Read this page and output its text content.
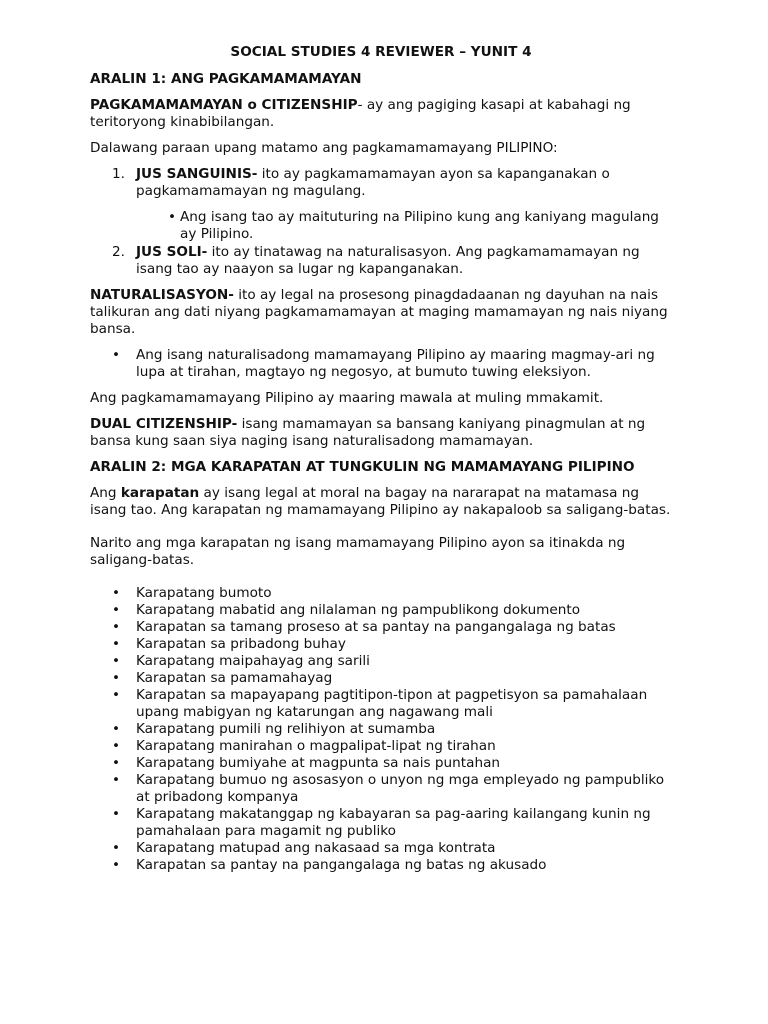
SOCIAL STUDIES 4 REVIEWER – YUNIT 4
ARALIN 1: ANG PAGKAMAMAMAYAN
PAGKAMAMAMAYAN o CITIZENSHIP- ay ang pagiging kasapi at kabahagi ng teritoryong kinabibilangan.
Dalawang paraan upang matamo ang pagkamamamayang PILIPINO:
1. JUS SANGUINIS- ito ay pagkamamamayan ayon sa kapanganakan o pagkamamamayan ng magulang.
• Ang isang tao ay maituturing na Pilipino kung ang kaniyang magulang ay Pilipino.
2. JUS SOLI- ito ay tinatawag na naturalisasyon. Ang pagkamamamayan ng isang tao ay naayon sa lugar ng kapanganakan.
NATURALISASYON- ito ay legal na prosesong pinagdadaanan ng dayuhan na nais talikuran ang dati niyang pagkamamamayan at maging mamamayan ng nais niyang bansa.
• Ang isang naturalisadong mamamayang Pilipino ay maaring magmay-ari ng lupa at tirahan, magtayo ng negosyo, at bumuto tuwing eleksiyon.
Ang pagkamamamayang Pilipino ay maaring mawala at muling mmakamit.
DUAL CITIZENSHIP- isang mamamayan sa bansang kaniyang pinagmulan at ng bansa kung saan siya naging isang naturalisadong mamamayan.
ARALIN 2: MGA KARAPATAN AT TUNGKULIN NG MAMAMAYANG PILIPINO
Ang karapatan ay isang legal at moral na bagay na nararapat na matamasa ng isang tao. Ang karapatan ng mamamayang Pilipino ay nakapaloob sa saligang-batas.
Narito ang mga karapatan ng isang mamamayang Pilipino ayon sa itinakda ng saligang-batas.
• Karapatang bumoto
• Karapatang mabatid ang nilalaman ng pampublikong dokumento
• Karapatan sa tamang proseso at sa pantay na pangangalaga ng batas
• Karapatan sa pribadong buhay
• Karapatang maipahayag ang sarili
• Karapatan sa pamamahayag
• Karapatan sa mapayapang pagtitipon-tipon at pagpetisyon sa pamahalaan upang mabigyan ng katarungan ang nagawang mali
• Karapatang pumili ng relihiyon at sumamba
• Karapatang manirahan o magpalipat-lipat ng tirahan
• Karapatang bumiyahe at magpunta sa nais puntahan
• Karapatang bumuo ng asosasyon o unyon ng mga empleyado ng pampubliko at pribadong kompanya
• Karapatang makatanggap ng kabayaran sa pag-aaring kailangang kunin ng pamahalaan para magamit ng publiko
• Karapatang matupad ang nakasaad sa mga kontrata
• Karapatan sa pantay na pangangalaga ng batas ng akusado
